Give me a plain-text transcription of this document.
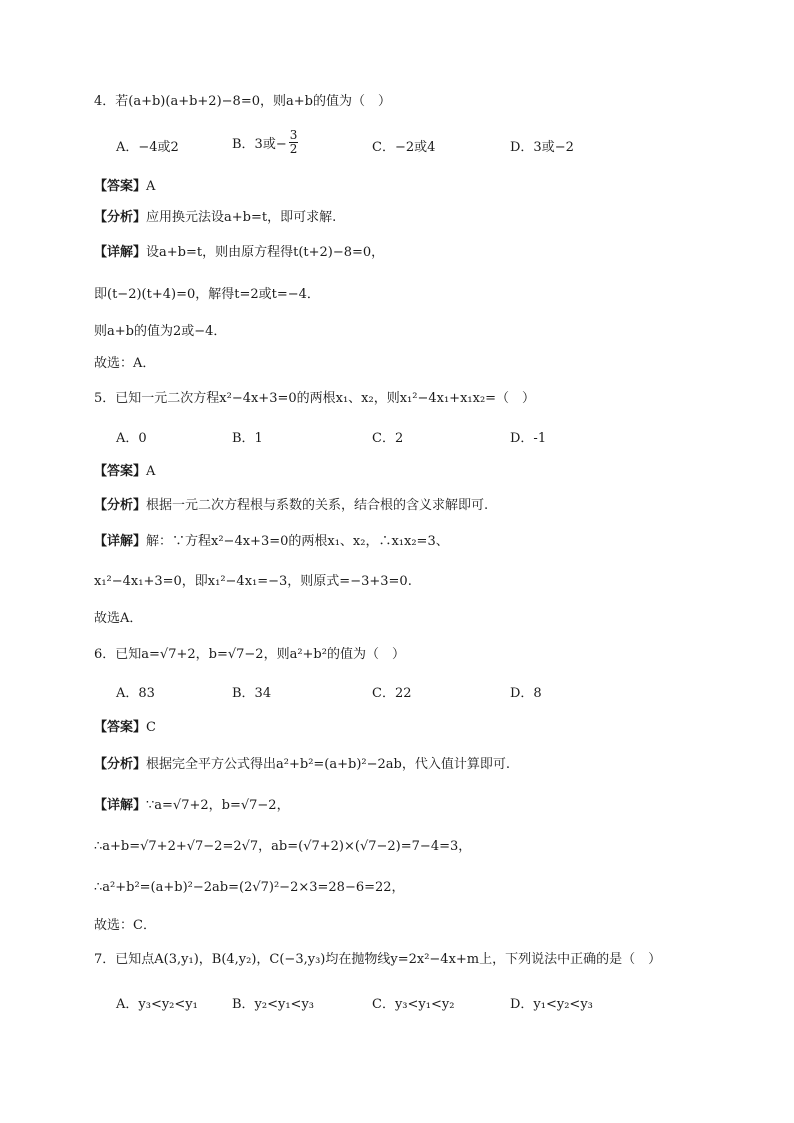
4．若(a+b)(a+b+2)−8=0，则a+b的值为（　）
A．−4或2	B．3或− $\frac{3}{2}$	C．−2或4	D．3或−2
【答案】A
【分析】应用换元法设a+b=t，即可求解.
【详解】设a+b=t，则由原方程得t(t+2)−8=0，
即(t−2)(t+4)=0，解得t=2或t=−4．
则a+b的值为2或−4．
故选：A．
5．已知一元二次方程x²−4x+3=0的两根x₁、x₂，则x₁²−4x₁+x₁x₂=（　）
A．0	B．1	C．2	D．-1
【答案】A
【分析】根据一元二次方程根与系数的关系，结合根的含义求解即可.
【详解】解：∵方程x²−4x+3=0的两根x₁、x₂，∴x₁x₂=3、
x₁²−4x₁+3=0，即x₁²−4x₁=−3，则原式=−3+3=0.
故选A．
6．已知a=√7+2，b=√7−2，则a²+b²的值为（　）
A．83	B．34	C．22	D．8
【答案】C
【分析】根据完全平方公式得出a²+b²=(a+b)²−2ab，代入值计算即可.
【详解】∵a=√7+2，b=√7−2，
∴a+b=√7+2+√7−2=2√7，ab=(√7+2)×(√7−2)=7−4=3，
∴a²+b²=(a+b)²−2ab=(2√7)²−2×3=28−6=22，
故选：C．
7．已知点A(3,y₁)，B(4,y₂)，C(−3,y₃)均在抛物线y=2x²−4x+m上，下列说法中正确的是（　）
A．y₃<y₂<y₁	B．y₂<y₁<y₃	C．y₃<y₁<y₂	D．y₁<y₂<y₃
